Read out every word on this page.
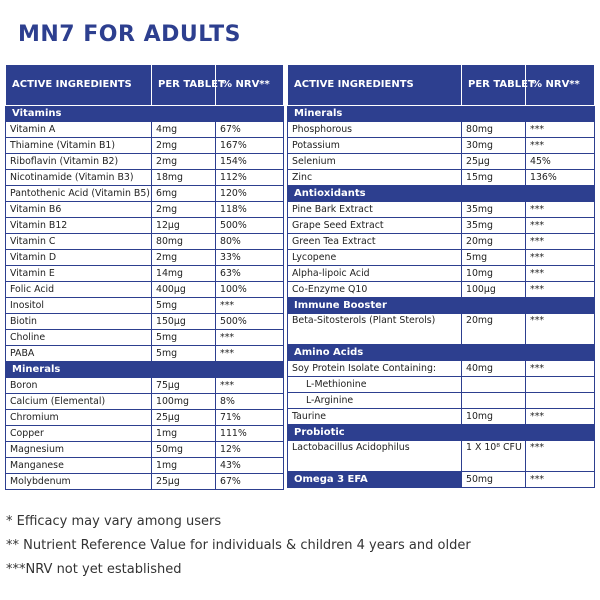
MN7 FOR ADULTS
ACTIVE INGREDIENTS	PER TABLET	% NRV**
Vitamins		
Vitamin A	4mg	67%
Thiamine (Vitamin B1)	2mg	167%
Riboflavin (Vitamin B2)	2mg	154%
Nicotinamide (Vitamin B3)	18mg	112%
Pantothenic Acid (Vitamin B5)	6mg	120%
Vitamin B6	2mg	118%
Vitamin B12	12µg	500%
Vitamin C	80mg	80%
Vitamin D	2mg	33%
Vitamin E	14mg	63%
Folic Acid	400µg	100%
Inositol	5mg	***
Biotin	150µg	500%
Choline	5mg	***
PABA	5mg	***
Minerals		
Boron	75µg	***
Calcium (Elemental)	100mg	8%
Chromium	25µg	71%
Copper	1mg	111%
Magnesium	50mg	12%
Manganese	1mg	43%
Molybdenum	25µg	67%
ACTIVE INGREDIENTS	PER TABLET	% NRV**
Minerals		
Phosphorous	80mg	***
Potassium	30mg	***
Selenium	25µg	45%
Zinc	15mg	136%
Antioxidants		
Pine Bark Extract	35mg	***
Grape Seed Extract	35mg	***
Green Tea Extract	20mg	***
Lycopene	5mg	***
Alpha-lipoic Acid	10mg	***
Co-Enzyme Q10	100µg	***
Immune Booster		
Beta-Sitosterols (Plant Sterols)	20mg	***
Amino Acids		
Soy Protein Isolate Containing:	40mg	***
L-Methionine		
L-Arginine		
Taurine	10mg	***
Probiotic		
Lactobacillus Acidophilus	1 X 10⁸ CFU	***
Omega 3 EFA	50mg	***
* Efficacy may vary among users
** Nutrient Reference Value for individuals & children 4 years and older
***NRV not yet established
